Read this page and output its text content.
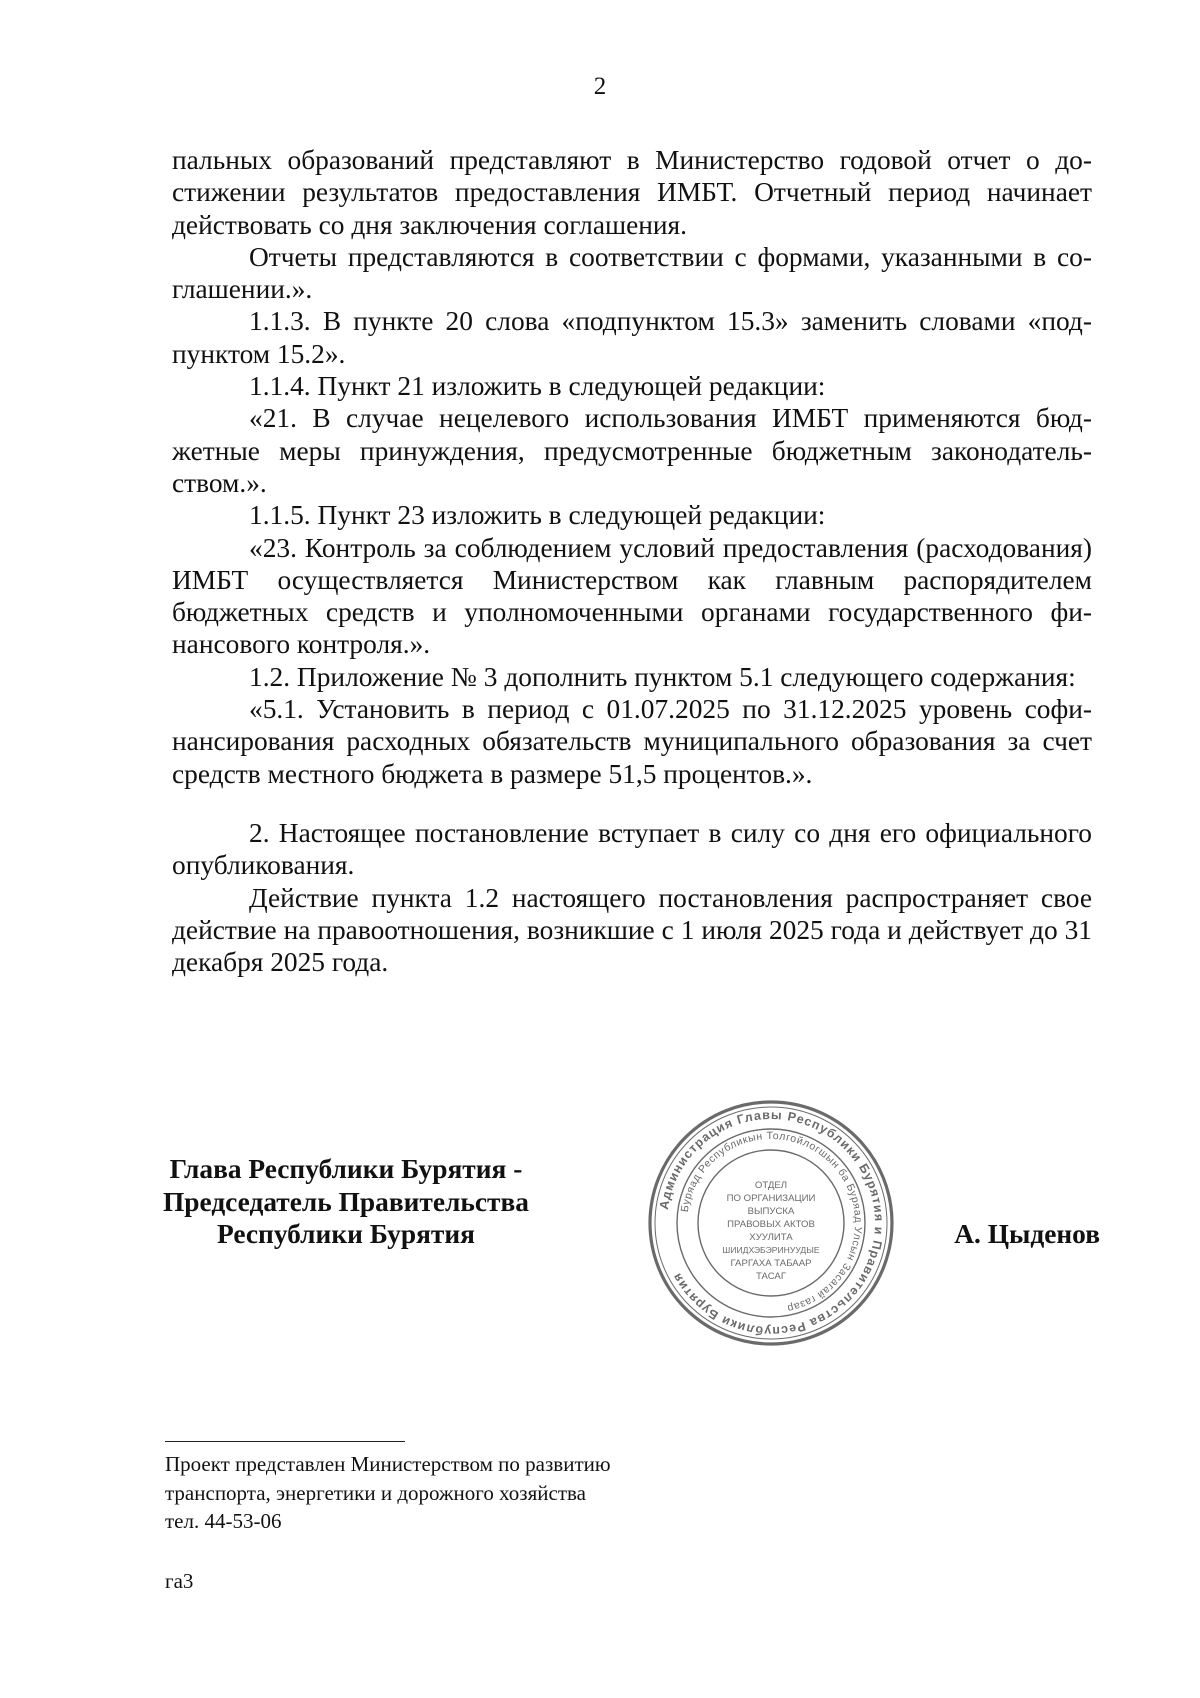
2

пальных образований представляют в Министерство годовой отчет о достижении результатов предоставления ИМБТ. Отчетный период начинает действовать со дня заключения соглашения.

Отчеты представляются в соответствии с формами, указанными в соглашении.».

1.1.3. В пункте 20 слова «подпунктом 15.3» заменить словами «подпунктом 15.2».

1.1.4. Пункт 21 изложить в следующей редакции:

«21. В случае нецелевого использования ИМБТ применяются бюджетные меры принуждения, предусмотренные бюджетным законодательством.».

1.1.5. Пункт 23 изложить в следующей редакции:

«23. Контроль за соблюдением условий предоставления (расходования) ИМБТ осуществляется Министерством как главным распорядителем бюджетных средств и уполномоченными органами государственного финансового контроля.».

1.2. Приложение № 3 дополнить пунктом 5.1 следующего содержания:

«5.1. Установить в период с 01.07.2025 по 31.12.2025 уровень софинансирования расходных обязательств муниципального образования за счет средств местного бюджета в размере 51,5 процентов.».

2. Настоящее постановление вступает в силу со дня его официального опубликования.

Действие пункта 1.2 настоящего постановления распространяет свое действие на правоотношения, возникшие с 1 июля 2025 года и действует до 31 декабря 2025 года.

Глава Республики Бурятия -
Председатель Правительства
Республики Бурятия
Администрация Главы Республики Бурятия и Правительства Республики Бурятия
Буряад Республикын Толгойлогшын ба Буряад Улсын Засагай газар
ОТДЕЛ
ПО ОРГАНИЗАЦИИ
ВЫПУСКА
ПРАВОВЫХ АКТОВ
ХУУЛИТА
ШИИДХЭБЭРИНУУДЫЕ
ГАРГАХА ТАБААР
ТАСАГ
А. Цыденов
Проект представлен Министерством по развитию
транспорта, энергетики и дорожного хозяйства
тел. 44-53-06
га3
